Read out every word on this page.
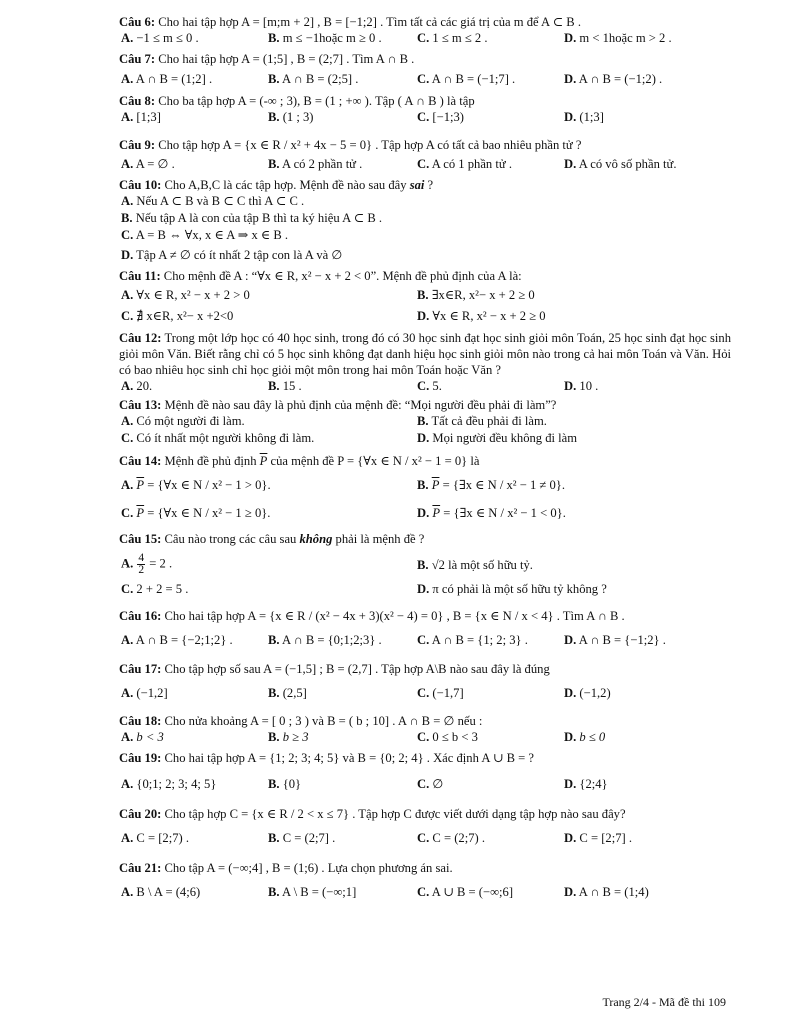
Câu 6: Cho hai tập hợp A = [m;m + 2] , B = [−1;2] . Tìm tất cả các giá trị của m để A ⊂ B .
A. −1 ≤ m ≤ 0 .	B. m ≤ −1hoặc m ≥ 0 .	C. 1 ≤ m ≤ 2 .	D. m < 1hoặc m > 2 .
Câu 7: Cho hai tập hợp A = (1;5] , B = (2;7] . Tìm A ∩ B .
A. A ∩ B = (1;2] .	B. A ∩ B = (2;5] .	C. A ∩ B = (−1;7] .	D. A ∩ B = (−1;2) .
Câu 8: Cho ba tập hợp A = (-∞ ; 3), B = (1 ; +∞ ). Tập ( A ∩ B ) là tập
A. [1;3]	B. (1 ; 3)	C. [−1;3)	D. (1;3]
Câu 9: Cho tập hợp A = {x ∈ R / x² + 4x − 5 = 0} . Tập hợp A có tất cả bao nhiêu phần tử ?
A. A = ∅ .	B. A có 2 phần tử .	C. A có 1 phần tử .	D. A có vô số phần tử.
Câu 10: Cho A,B,C là các tập hợp. Mệnh đề nào sau đây sai ?
A. Nếu A ⊂ B và B ⊂ C thì A ⊂ C .
B. Nếu tập A là con của tập B thì ta ký hiệu A ⊂ B .
C. A = B ⇔ ∀x, x ∈ A ⇒ x ∈ B .
D. Tập A ≠ ∅ có ít nhất 2 tập con là A và ∅
Câu 11: Cho mệnh đề A : “∀x ∈ R, x² − x + 2 < 0”. Mệnh đề phủ định của A là:
A. ∀x ∈ R, x² − x + 2 > 0	B. ∃x∈R, x²− x + 2 ≥ 0
C. ∄ x∈R, x²− x +2<0	D. ∀x ∈ R, x² − x + 2 ≥ 0
Câu 12: Trong một lớp học có 40 học sinh, trong đó có 30 học sinh đạt học sinh giỏi môn Toán, 25 học sinh đạt học sinh giỏi môn Văn. Biết rằng chỉ có 5 học sinh không đạt danh hiệu học sinh giỏi môn nào trong cả hai môn Toán và Văn. Hỏi có bao nhiêu học sinh chỉ học giỏi một môn trong hai môn Toán hoặc Văn ?
A. 20.	B. 15 .	C. 5.	D. 10 .
Câu 13: Mệnh đề nào sau đây là phủ định của mệnh đề: “Mọi người đều phải đi làm”?
A. Có một người đi làm.	B. Tất cả đều phải đi làm.
C. Có ít nhất một người không đi làm.	D. Mọi người đều không đi làm
Câu 14: Mệnh đề phủ định $\overline{P}$ của mệnh đề P = {∀x ∈ N / x² − 1 = 0} là
A. $\overline{P}$ = {∀x ∈ N / x² − 1 > 0}.	B. $\overline{P}$ = {∃x ∈ N / x² − 1 ≠ 0}.
C. $\overline{P}$ = {∀x ∈ N / x² − 1 ≥ 0}.	D. $\overline{P}$ = {∃x ∈ N / x² − 1 < 0}.
Câu 15: Câu nào trong các câu sau không phải là mệnh đề ?
A. $\frac{4}{2} = 2$ .	B. √2 là một số hữu tỷ.
C. 2 + 2 = 5 .	D. π có phải là một số hữu tỷ không ?
Câu 16: Cho hai tập hợp A = {x ∈ R / (x² − 4x + 3)(x² − 4) = 0} , B = {x ∈ N / x < 4} . Tìm A ∩ B .
A. A ∩ B = {−2;1;2} .	B. A ∩ B = {0;1;2;3} .	C. A ∩ B = {1; 2; 3} .	D. A ∩ B = {−1;2} .
Câu 17: Cho tập hợp số sau A = (−1,5] ; B = (2,7] . Tập hợp A\B nào sau đây là đúng
A. (−1,2]	B. (2,5]	C. (−1,7]	D. (−1,2)
Câu 18: Cho nửa khoảng A = [ 0 ; 3 ) và B = ( b ; 10] . A ∩ B = ∅ nếu :
A. b < 3	B. b ≥ 3	C. 0 ≤ b < 3	D. b ≤ 0
Câu 19: Cho hai tập hợp A = {1; 2; 3; 4; 5} và B = {0; 2; 4} . Xác định A ∪ B = ?
A. {0;1; 2; 3; 4; 5}	B. {0}	C. ∅	D. {2;4}
Câu 20: Cho tập hợp C = {x ∈ R / 2 < x ≤ 7} . Tập hợp C được viết dưới dạng tập hợp nào sau đây?
A. C = [2;7) .	B. C = (2;7] .	C. C = (2;7) .	D. C = [2;7] .
Câu 21: Cho tập A = (−∞;4] , B = (1;6) . Lựa chọn phương án sai.
A. B \ A = (4;6)	B. A \ B = (−∞;1]	C. A ∪ B = (−∞;6]	D. A ∩ B = (1;4)
Trang 2/4 - Mã đề thi 109
